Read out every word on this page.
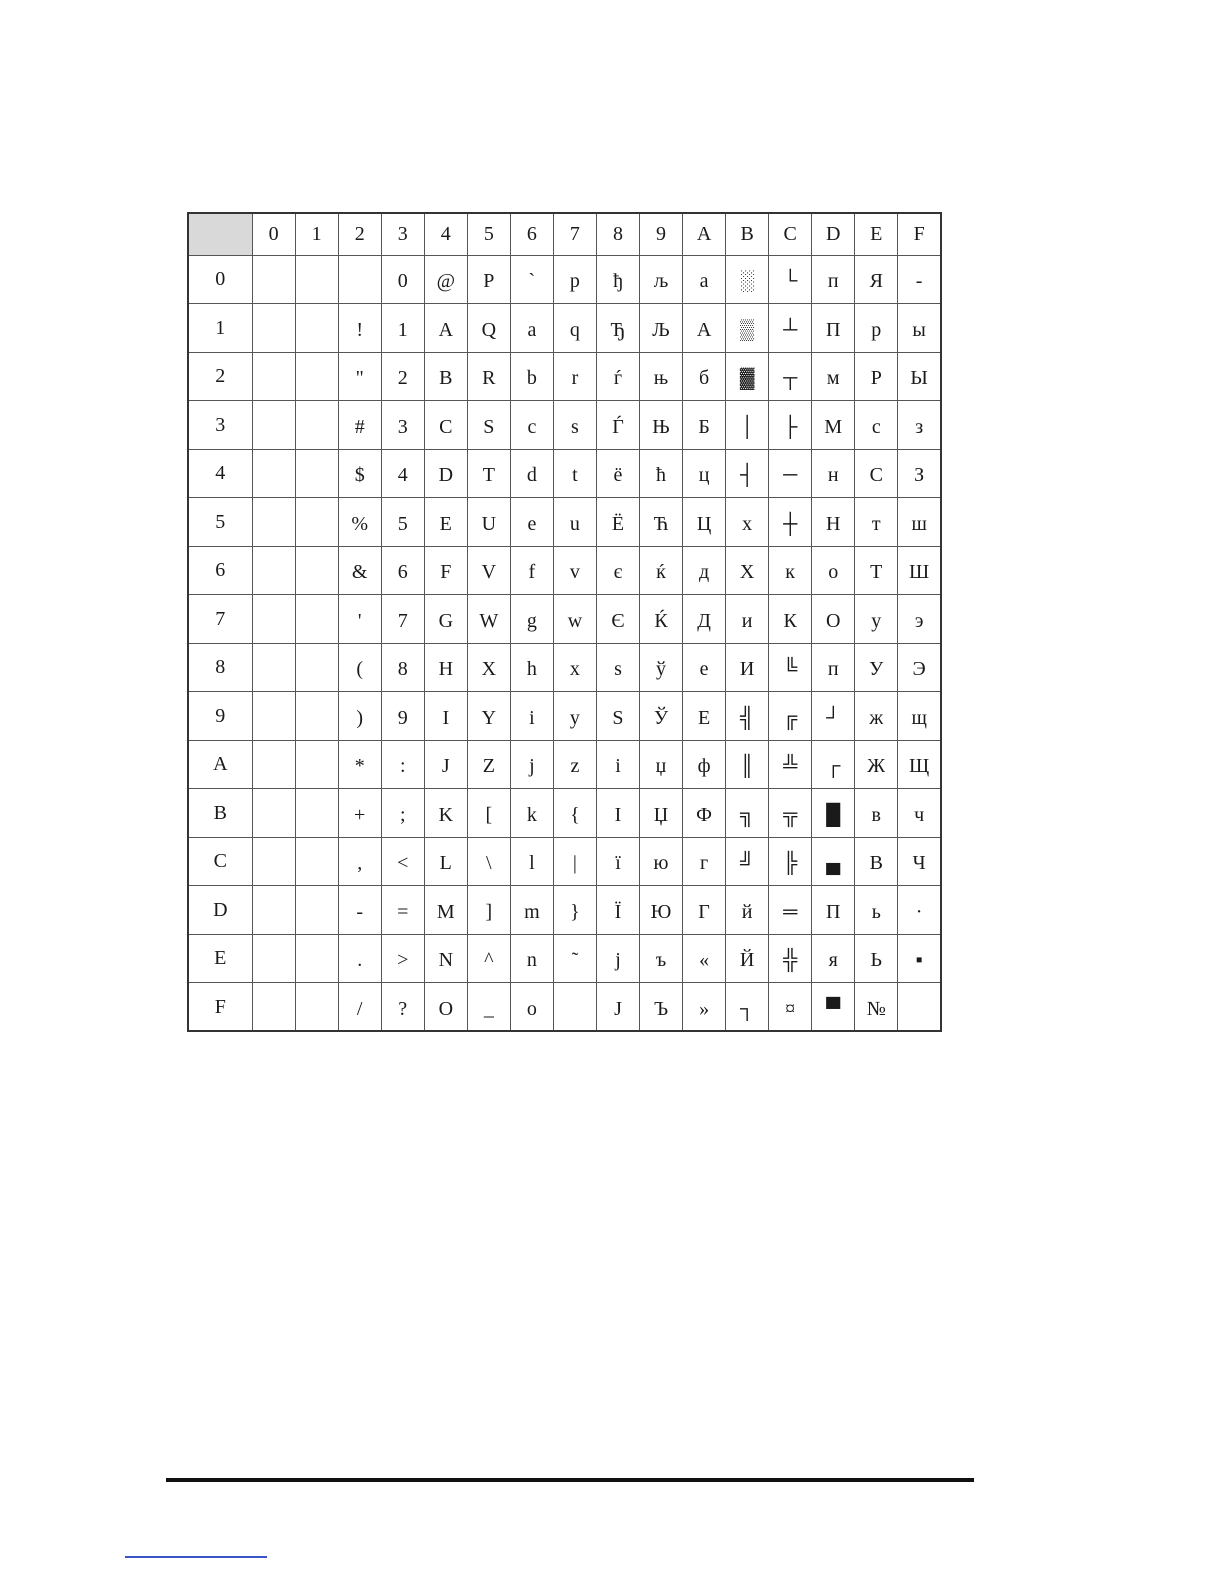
	0	1	2	3	4	5	6	7	8	9	A	B	C	D	E	F
0				0	@	P	`	p	ђ	љ	а	░	└	п	Я	-
1			!	1	A	Q	a	q	Ђ	Љ	А	▒	┴	П	р	ы
2			"	2	B	R	b	r	ѓ	њ	б	▓	┬	м	Р	Ы
3			#	3	C	S	c	s	Ѓ	Њ	Б	│	├	М	с	з
4			$	4	D	T	d	t	ё	ћ	ц	┤	─	н	С	З
5			%	5	E	U	e	u	Ё	Ћ	Ц	х	┼	Н	т	ш
6			&	6	F	V	f	v	є	ќ	д	Х	к	о	Т	Ш
7			'	7	G	W	g	w	Є	Ќ	Д	и	К	О	у	э
8			(	8	H	X	h	x	ѕ	ў	е	И	╚	п	У	Э
9			)	9	I	Y	i	y	Ѕ	Ў	Е	╣	╔	┘	ж	щ
A			*	:	J	Z	j	z	і	џ	ф	║	╩	┌	Ж	Щ
B			+	;	K	[	k	{	І	Џ	Ф	╗	╦	█	в	ч
C			,	<	L	\	l	|	ї	ю	г	╝	╠	▄	В	Ч
D			-	=	M	]	m	}	Ї	Ю	Г	й	═	П	ь	·
E			.	>	N	^	n	˜	ј	ъ	«	Й	╬	я	Ь	▪
F			/	?	O	_	o		Ј	Ъ	»	┐	¤	▀	№	
